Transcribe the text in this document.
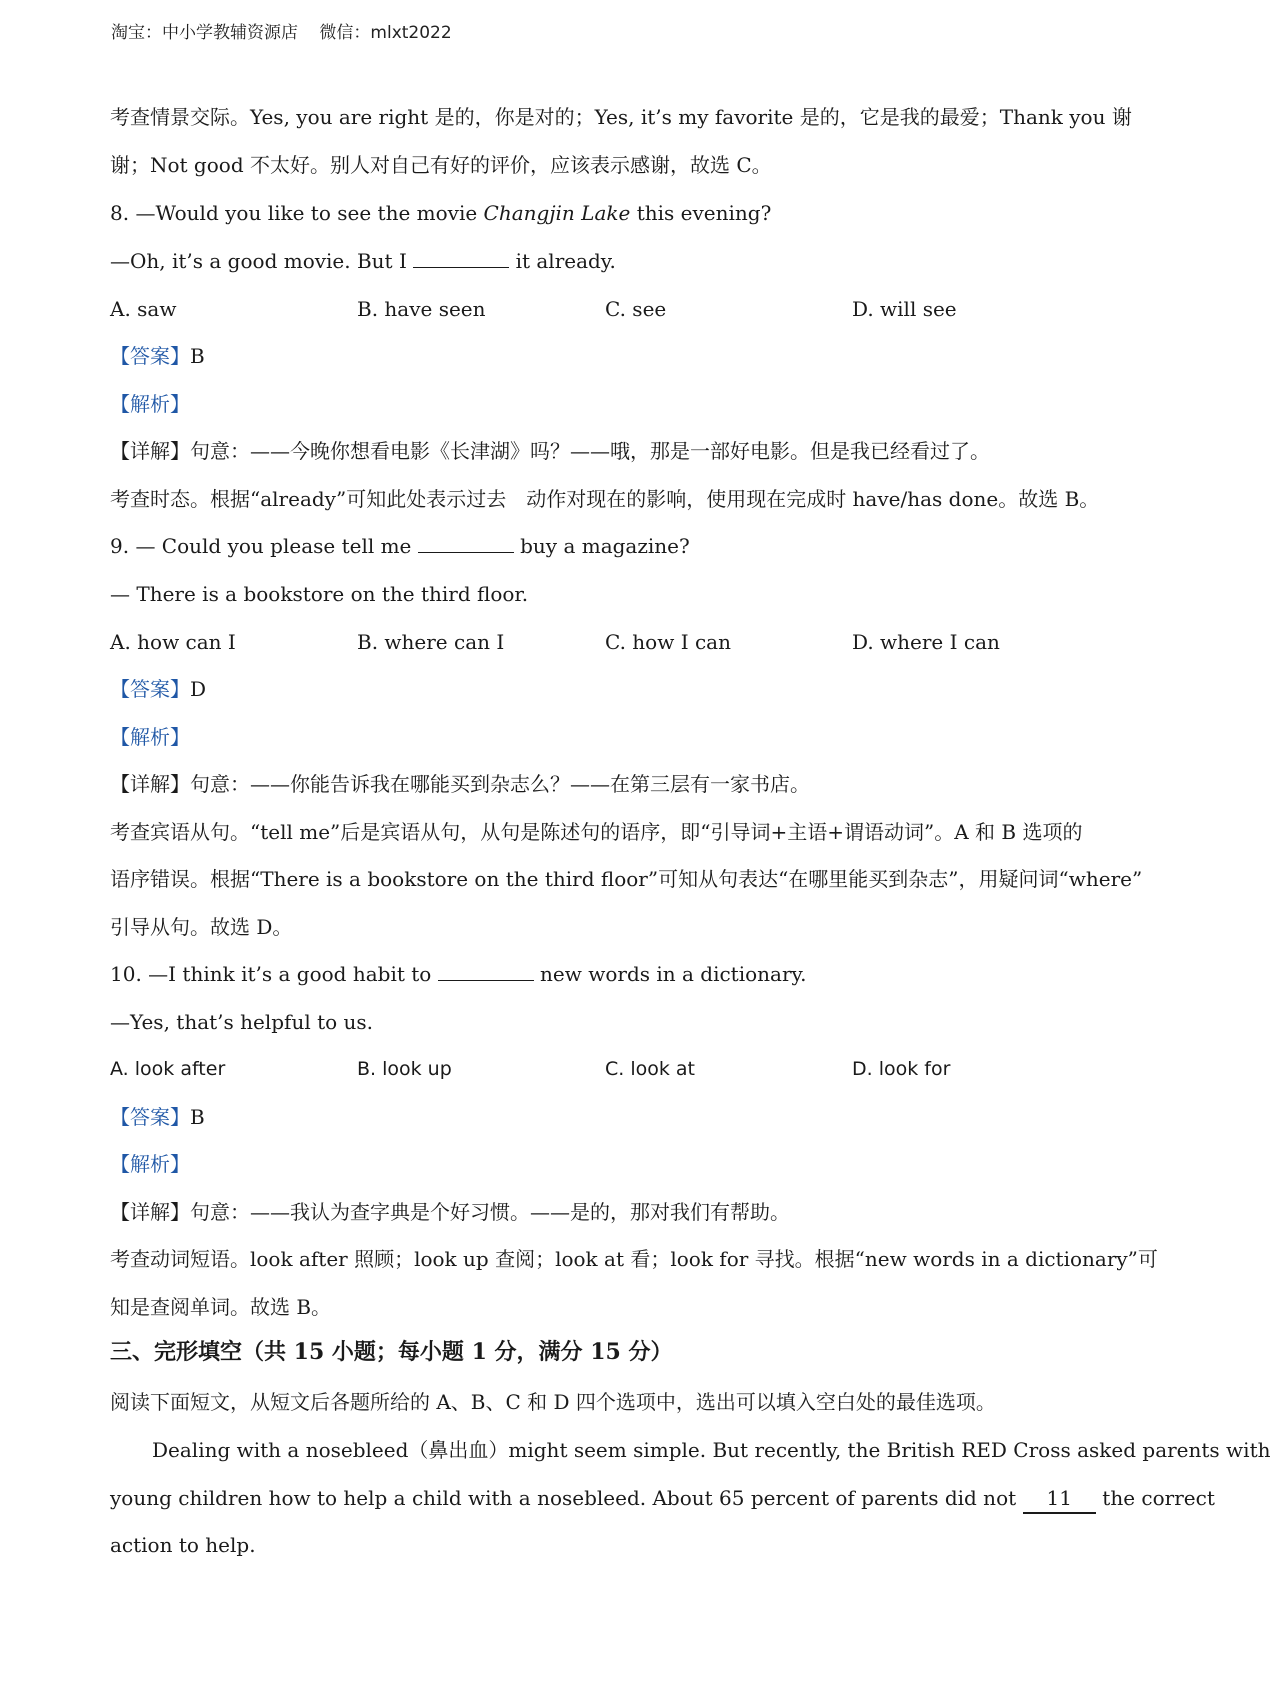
淘宝：中小学教辅资源店 微信：mlxt2022
考查情景交际。Yes, you are right 是的，你是对的；Yes, it’s my favorite 是的，它是我的最爱；Thank you 谢
谢；Not good 不太好。别人对自己有好的评价，应该表示感谢，故选 C。
8. —Would you like to see the movie Changjin Lake this evening?
—Oh, it’s a good movie. But I	it already.
A. saw	B. have seen	C. see	D. will see
【答案】B
【解析】
【详解】句意：——今晚你想看电影《长津湖》吗？——哦，那是一部好电影。但是我已经看过了。
考查时态。根据“already”可知此处表示过去　动作对现在的影响，使用现在完成时 have/has done。故选 B。
9. — Could you please tell me	buy a magazine?
— There is a bookstore on the third floor.
A. how can I	B. where can I	C. how I can	D. where I can
【答案】D
【解析】
【详解】句意：——你能告诉我在哪能买到杂志么？——在第三层有一家书店。
考查宾语从句。“tell me”后是宾语从句，从句是陈述句的语序，即“引导词+主语+谓语动词”。A 和 B 选项的
语序错误。根据“There is a bookstore on the third floor”可知从句表达“在哪里能买到杂志”，用疑问词“where”
引导从句。故选 D。
10. —I think it’s a good habit to	new words in a dictionary.
—Yes, that’s helpful to us.
A. look after	B. look up	C. look at	D. look for
【答案】B
【解析】
【详解】句意：——我认为查字典是个好习惯。——是的，那对我们有帮助。
考查动词短语。look after 照顾；look up 查阅；look at 看；look for 寻找。根据“new words in a dictionary”可
知是查阅单词。故选 B。
三、完形填空（共 15 小题；每小题 1 分，满分 15 分）
阅读下面短文，从短文后各题所给的 A、B、C 和 D 四个选项中，选出可以填入空白处的最佳选项。
Dealing with a nosebleed（鼻出血）might seem simple. But recently, the British RED Cross asked parents with
young children how to help a child with a nosebleed. About 65 percent of parents did not 11 the correct
action to help.
